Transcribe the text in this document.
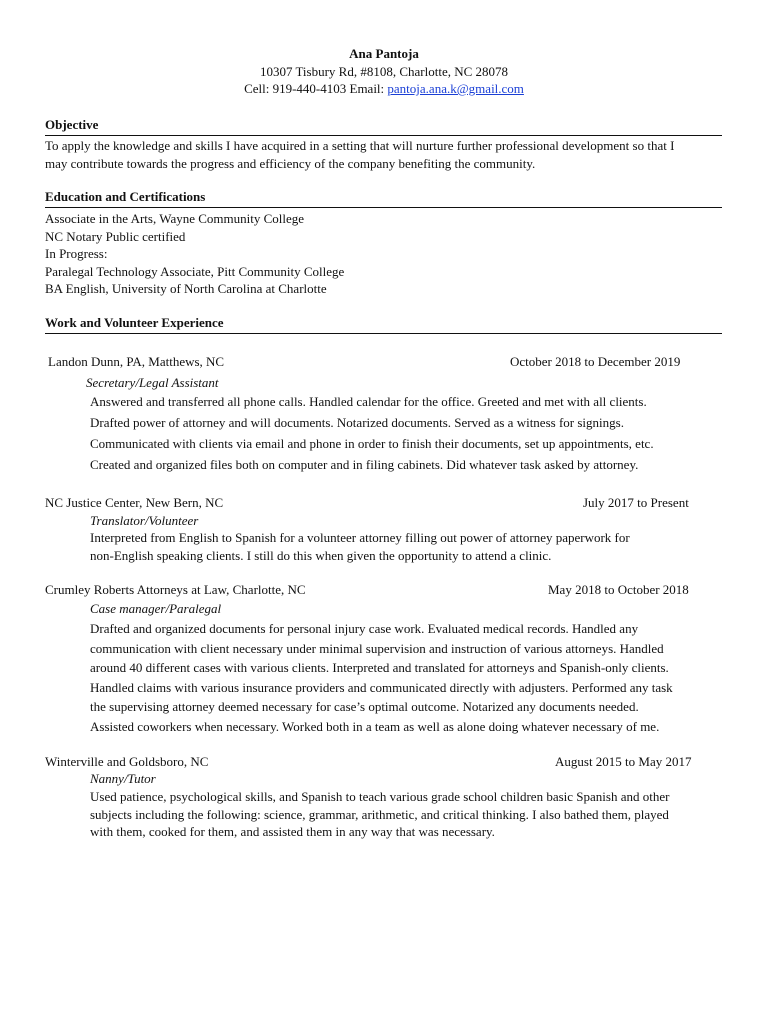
Ana Pantoja
10307 Tisbury Rd, #8108, Charlotte, NC 28078
Cell: 919-440-4103 Email: pantoja.ana.k@gmail.com
Objective
To apply the knowledge and skills I have acquired in a setting that will nurture further professional development so that I
may contribute towards the progress and efficiency of the company benefiting the community.
Education and Certifications
Associate in the Arts, Wayne Community College
NC Notary Public certified
In Progress:
Paralegal Technology Associate, Pitt Community College
BA English, University of North Carolina at Charlotte
Work and Volunteer Experience
Landon Dunn, PA, Matthews, NC	October 2018 to December 2019
Secretary/Legal Assistant
Answered and transferred all phone calls. Handled calendar for the office. Greeted and met with all clients.
Drafted power of attorney and will documents. Notarized documents. Served as a witness for signings.
Communicated with clients via email and phone in order to finish their documents, set up appointments, etc.
Created and organized files both on computer and in filing cabinets. Did whatever task asked by attorney.
NC Justice Center, New Bern, NC	July 2017 to Present
Translator/Volunteer
Interpreted from English to Spanish for a volunteer attorney filling out power of attorney paperwork for
non-English speaking clients. I still do this when given the opportunity to attend a clinic.
Crumley Roberts Attorneys at Law, Charlotte, NC	May 2018 to October 2018
Case manager/Paralegal
Drafted and organized documents for personal injury case work. Evaluated medical records. Handled any
communication with client necessary under minimal supervision and instruction of various attorneys. Handled
around 40 different cases with various clients. Interpreted and translated for attorneys and Spanish-only clients.
Handled claims with various insurance providers and communicated directly with adjusters. Performed any task
the supervising attorney deemed necessary for case’s optimal outcome. Notarized any documents needed.
Assisted coworkers when necessary. Worked both in a team as well as alone doing whatever necessary of me.
Winterville and Goldsboro, NC	August 2015 to May 2017
Nanny/Tutor
Used patience, psychological skills, and Spanish to teach various grade school children basic Spanish and other
subjects including the following: science, grammar, arithmetic, and critical thinking. I also bathed them, played
with them, cooked for them, and assisted them in any way that was necessary.
